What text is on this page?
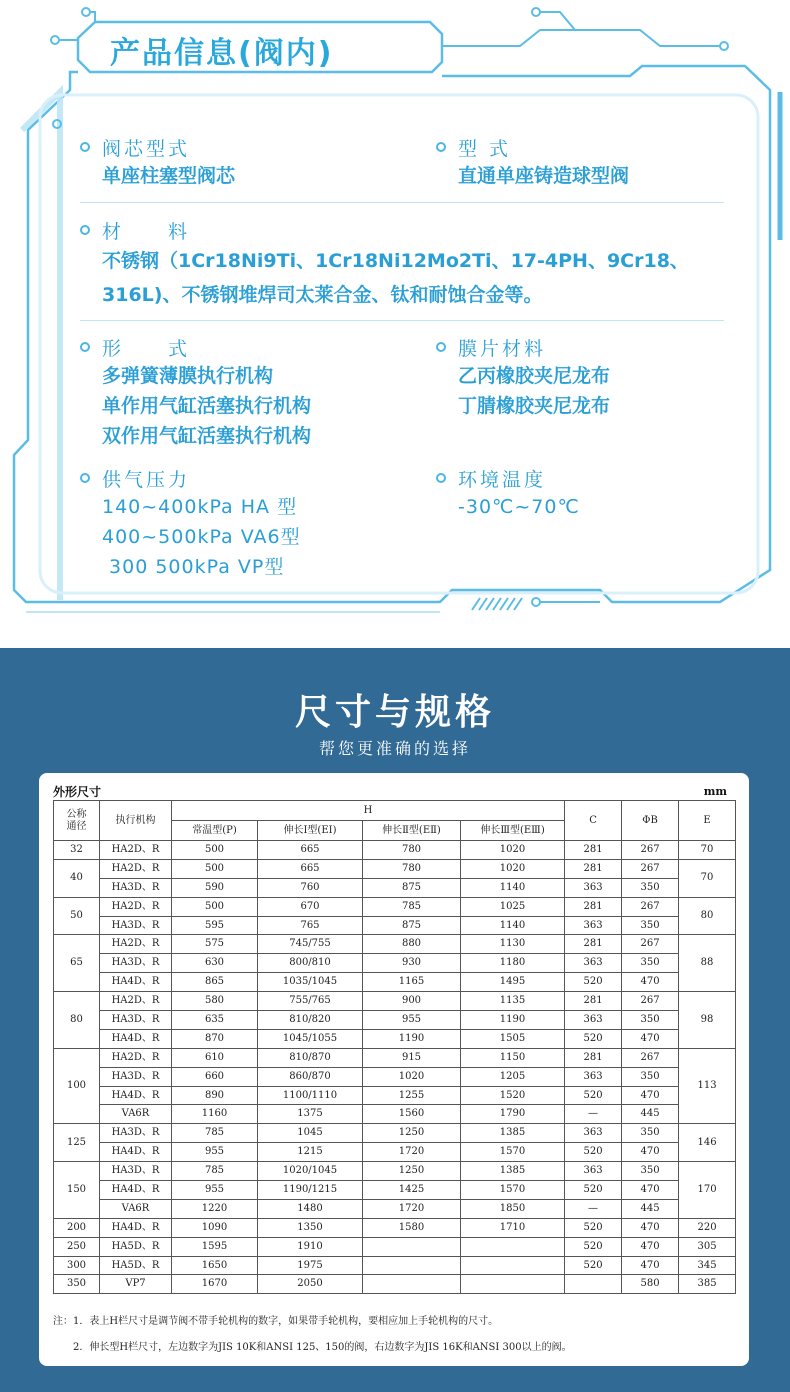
产品信息(阀内)
阀芯型式
单座柱塞型阀芯
型 式
直通单座铸造球型阀
材　　料
不锈钢（1Cr18Ni9Ti、1Cr18Ni12Mo2Ti、17-4PH、9Cr18、
316L)、不锈钢堆焊司太莱合金、钛和耐蚀合金等。
形　　式
多弹簧薄膜执行机构
单作用气缸活塞执行机构
双作用气缸活塞执行机构
膜片材料
乙丙橡胶夹尼龙布
丁腈橡胶夹尼龙布
供气压力
140~400kPa HA 型
400~500kPa VA6型
300 500kPa VP型
环境温度
-30℃~70℃
尺寸与规格
帮您更准确的选择
外形尺寸	mm
公称通径	执行机构	H				C	ΦB	E
		常温型(P)	伸长Ⅰ型(EⅠ)	伸长Ⅱ型(EⅡ)	伸长Ⅲ型(EⅢ)			
32	HA2D、R	500	665	780	1020	281	267	70
40	HA2D、R	500	665	780	1020	281	267	70
	HA3D、R	590	760	875	1140	363	350	
50	HA2D、R	500	670	785	1025	281	267	80
	HA3D、R	595	765	875	1140	363	350	
65	HA2D、R	575	745/755	880	1130	281	267	88
	HA3D、R	630	800/810	930	1180	363	350	
	HA4D、R	865	1035/1045	1165	1495	520	470	
80	HA2D、R	580	755/765	900	1135	281	267	98
	HA3D、R	635	810/820	955	1190	363	350	
	HA4D、R	870	1045/1055	1190	1505	520	470	
100	HA2D、R	610	810/870	915	1150	281	267	113
	HA3D、R	660	860/870	1020	1205	363	350	
	HA4D、R	890	1100/1110	1255	1520	520	470	
	VA6R	1160	1375	1560	1790	—	445	
125	HA3D、R	785	1045	1250	1385	363	350	146
	HA4D、R	955	1215	1720	1570	520	470	
150	HA3D、R	785	1020/1045	1250	1385	363	350	170
	HA4D、R	955	1190/1215	1425	1570	520	470	
	VA6R	1220	1480	1720	1850	—	445	
200	HA4D、R	1090	1350	1580	1710	520	470	220
250	HA5D、R	1595	1910			520	470	305
300	HA5D、R	1650	1975			520	470	345
350	VP7	1670	2050				580	385
注：1．表上H栏尺寸是调节阀不带手轮机构的数字，如果带手轮机构，要相应加上手轮机构的尺寸。
　　2．伸长型H栏尺寸，左边数字为JIS 10K和ANSI 125、150的阀，右边数字为JIS 16K和ANSI 300以上的阀。
